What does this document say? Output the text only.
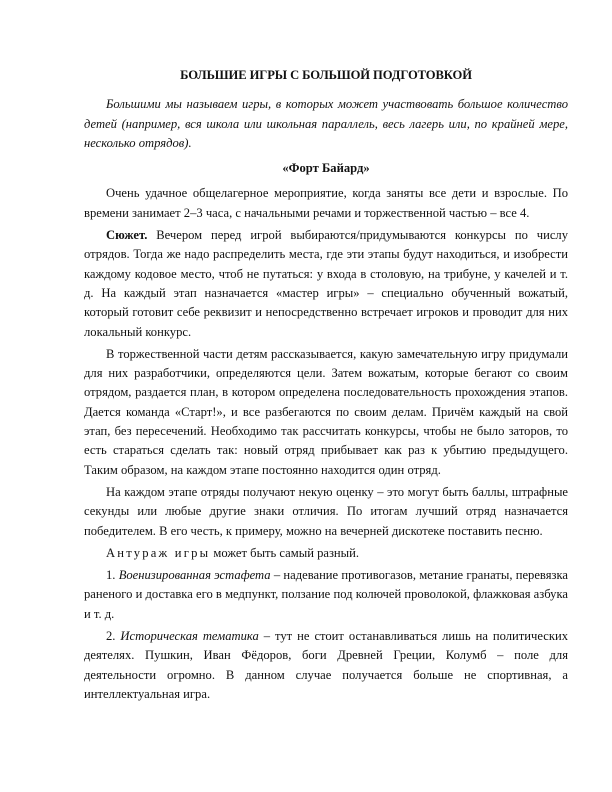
БОЛЬШИЕ ИГРЫ С БОЛЬШОЙ ПОДГОТОВКОЙ

Большими мы называем игры, в которых может участвовать большое количество детей (например, вся школа или школьная параллель, весь лагерь или, по крайней мере, несколько отрядов).

«Форт Байард»

Очень удачное общелагерное мероприятие, когда заняты все дети и взрослые. По времени занимает 2–3 часа, с начальными речами и торжественной частью – все 4.

Сюжет. Вечером перед игрой выбираются/придумываются конкурсы по числу отрядов. Тогда же надо распределить места, где эти этапы будут находиться, и изобрести каждому кодовое место, чтоб не путаться: у входа в столовую, на трибуне, у качелей и т. д. На каждый этап назначается «мастер игры» – специально обученный вожатый, который готовит себе реквизит и непосредственно встречает игроков и проводит для них локальный конкурс.

В торжественной части детям рассказывается, какую замечательную игру придумали для них разработчики, определяются цели. Затем вожатым, которые бегают со своим отрядом, раздается план, в котором определена последовательность прохождения этапов. Дается команда «Старт!», и все разбегаются по своим делам. Причём каждый на свой этап, без пересечений. Необходимо так рассчитать конкурсы, чтобы не было заторов, то есть стараться сделать так: новый отряд прибывает как раз к убытию предыдущего. Таким образом, на каждом этапе постоянно находится один отряд.

На каждом этапе отряды получают некую оценку – это могут быть баллы, штрафные секунды или любые другие знаки отличия. По итогам лучший отряд назначается победителем. В его честь, к примеру, можно на вечерней дискотеке поставить песню.

Антураж игры может быть самый разный.

1. Военизированная эстафета – надевание противогазов, метание гранаты, перевязка раненого и доставка его в медпункт, ползание под колючей проволокой, флажковая азбука и т. д.

2. Историческая тематика – тут не стоит останавливаться лишь на политических деятелях. Пушкин, Иван Фёдоров, боги Древней Греции, Колумб – поле для деятельности огромно. В данном случае получается больше не спортивная, а интеллектуальная игра.
